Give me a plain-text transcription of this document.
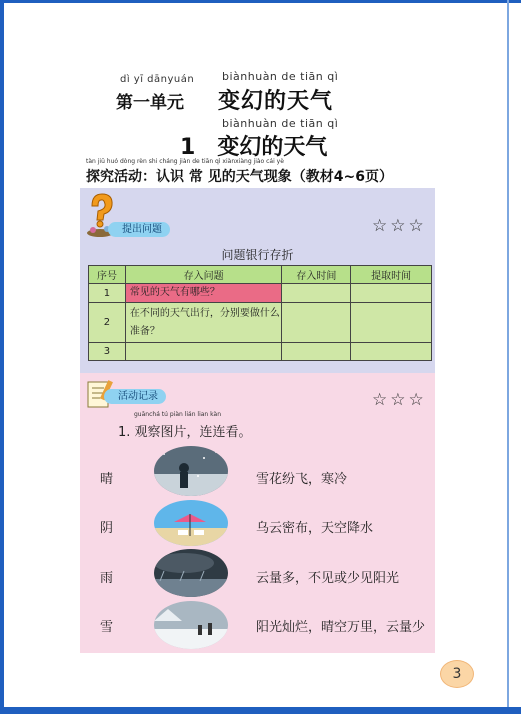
dì yī dānyuán
第一单元
biànhuàn de tiān qì
变幻的天气
biànhuàn de tiān qì
1 变幻的天气
tàn jiū huó dòng rèn shi cháng jiàn de tiān qì xiànxiàng jiào cái yè
探究活动：认识 常 见的天气现象（教材4~6页）
提出问题	☆☆☆
问题银行存折
序号	存入问题	存入时间	提取时间
1	常见的天气有哪些？		
2	在不同的天气出行，分别要做什么准备？		
3			
活动记录	☆☆☆
guānchá tú piàn lián lian kàn
1. 观察图片，连连看。
晴
阴
雨
雪
雪花纷飞，寒冷
乌云密布，天空降水
云量多，不见或少见阳光
阳光灿烂，晴空万里，云量少
3
搜狐号@杨杨的麻麻
